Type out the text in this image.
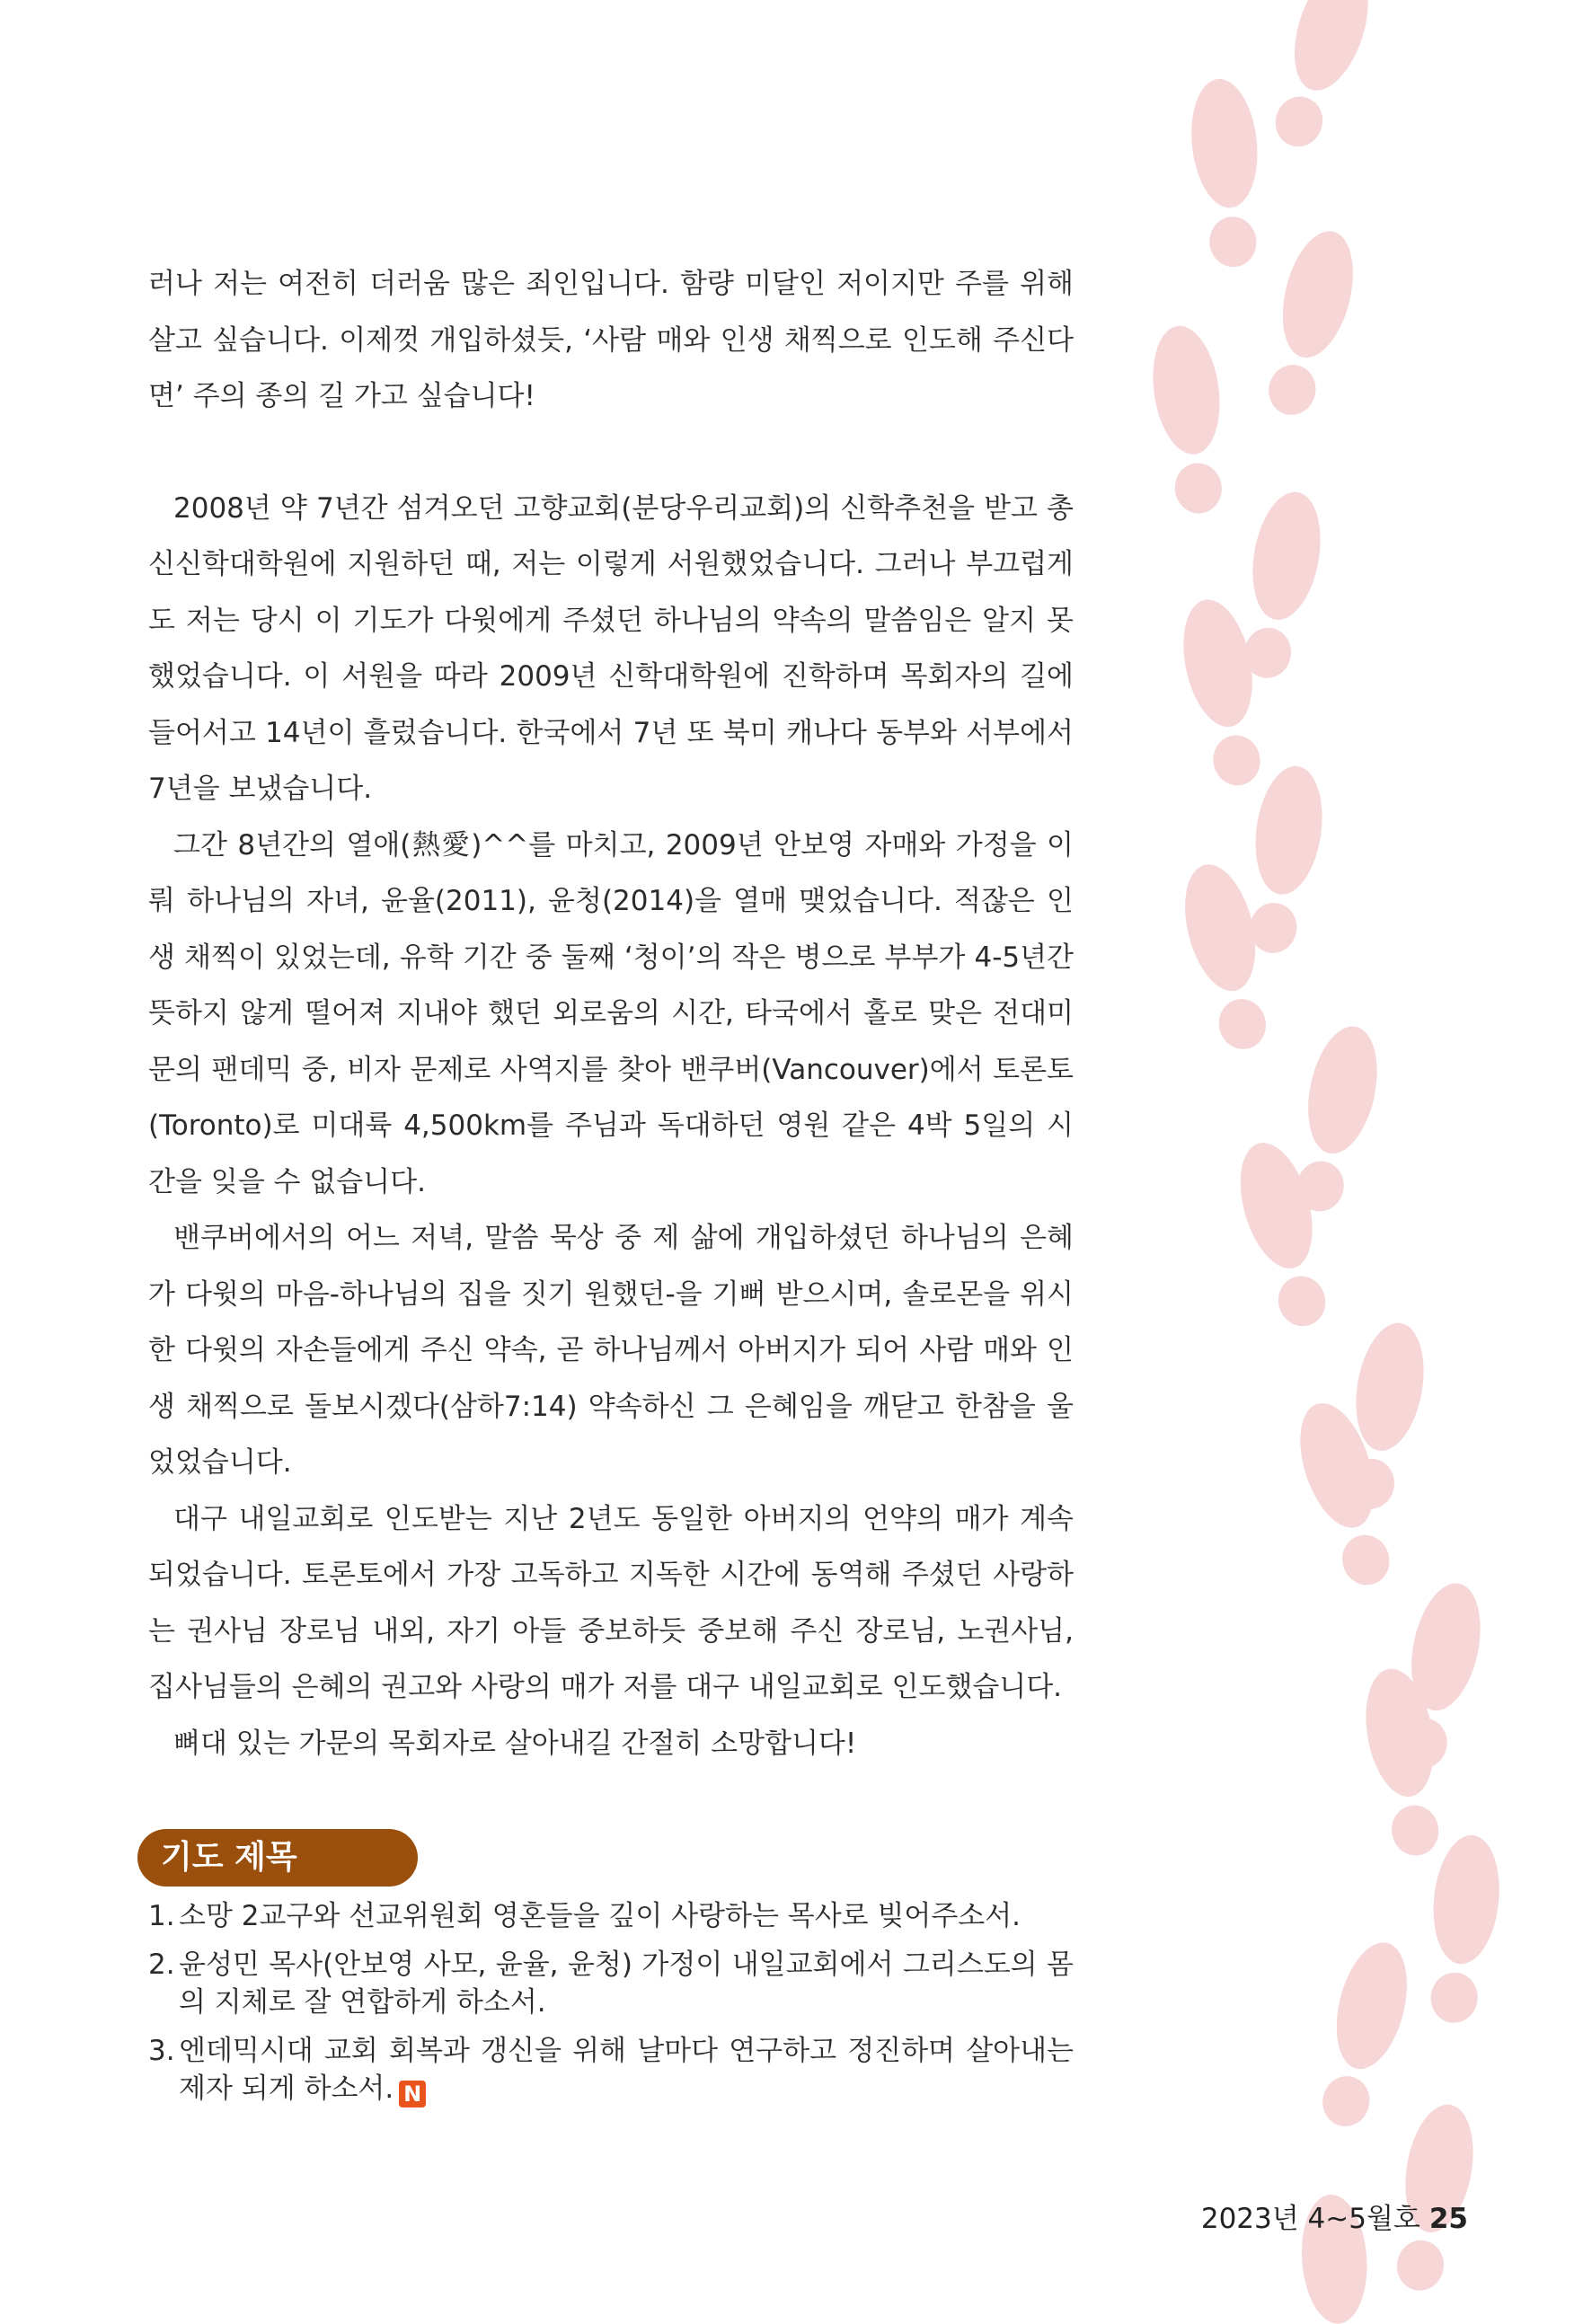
러나 저는 여전히 더러움 많은 죄인입니다. 함량 미달인 저이지만 주를 위해 살고 싶습니다. 이제껏 개입하셨듯, ‘사람 매와 인생 채찍으로 인도해 주신다면’ 주의 종의 길 가고 싶습니다!

2008년 약 7년간 섬겨오던 고향교회(분당우리교회)의 신학추천을 받고 총신신학대학원에 지원하던 때, 저는 이렇게 서원했었습니다. 그러나 부끄럽게도 저는 당시 이 기도가 다윗에게 주셨던 하나님의 약속의 말씀임은 알지 못했었습니다. 이 서원을 따라 2009년 신학대학원에 진학하며 목회자의 길에 들어서고 14년이 흘렀습니다. 한국에서 7년 또 북미 캐나다 동부와 서부에서 7년을 보냈습니다.

그간 8년간의 열애(熱愛)^^를 마치고, 2009년 안보영 자매와 가정을 이뤄 하나님의 자녀, 윤율(2011), 윤청(2014)을 열매 맺었습니다. 적잖은 인생 채찍이 있었는데, 유학 기간 중 둘째 ‘청이’의 작은 병으로 부부가 4-5년간 뜻하지 않게 떨어져 지내야 했던 외로움의 시간, 타국에서 홀로 맞은 전대미문의 팬데믹 중, 비자 문제로 사역지를 찾아 밴쿠버(Vancouver)에서 토론토(Toronto)로 미대륙 4,500km를 주님과 독대하던 영원 같은 4박 5일의 시간을 잊을 수 없습니다.

밴쿠버에서의 어느 저녁, 말씀 묵상 중 제 삶에 개입하셨던 하나님의 은혜가 다윗의 마음-하나님의 집을 짓기 원했던-을 기뻐 받으시며, 솔로몬을 위시한 다윗의 자손들에게 주신 약속, 곧 하나님께서 아버지가 되어 사람 매와 인생 채찍으로 돌보시겠다(삼하7:14) 약속하신 그 은혜임을 깨닫고 한참을 울었었습니다.

대구 내일교회로 인도받는 지난 2년도 동일한 아버지의 언약의 매가 계속되었습니다. 토론토에서 가장 고독하고 지독한 시간에 동역해 주셨던 사랑하는 권사님 장로님 내외, 자기 아들 중보하듯 중보해 주신 장로님, 노권사님, 집사님들의 은혜의 권고와 사랑의 매가 저를 대구 내일교회로 인도했습니다.

뼈대 있는 가문의 목회자로 살아내길 간절히 소망합니다!

기도 제목
1. 소망 2교구와 선교위원회 영혼들을 깊이 사랑하는 목사로 빚어주소서.
2. 윤성민 목사(안보영 사모, 윤율, 윤청) 가정이 내일교회에서 그리스도의 몸의 지체로 잘 연합하게 하소서.
3. 엔데믹시대 교회 회복과 갱신을 위해 날마다 연구하고 정진하며 살아내는 제자 되게 하소서. N
2023년 4~5월호 25
